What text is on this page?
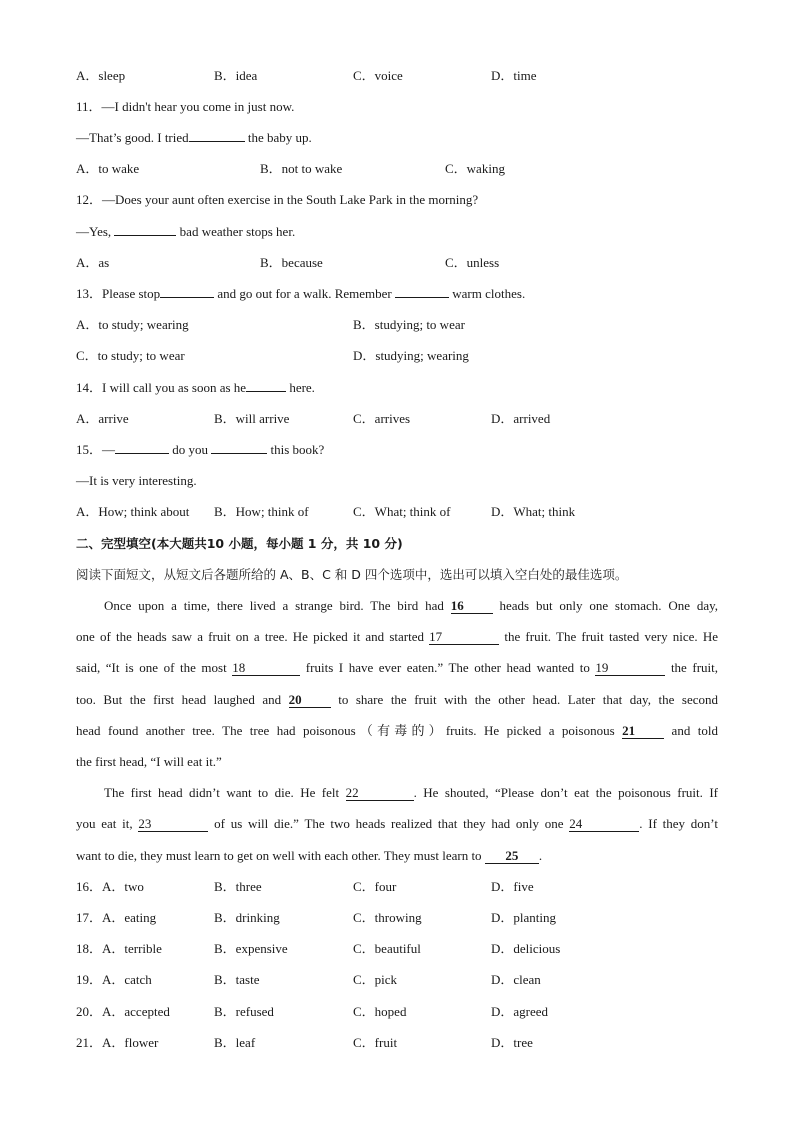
A．sleep	B．idea	C．voice	D．time
11．—I didn't hear you come in just now.
—That’s good. I tried	the baby up.
A．to wake	B．not to wake	C．waking
12．—Does your aunt often exercise in the South Lake Park in the morning?
—Yes,	bad weather stops her.
A．as	B．because	C．unless
13．Please stop	and go out for a walk. Remember	warm clothes.
A．to study; wearing	B．studying; to wear
C．to study; to wear	D．studying; wearing
14．I will call you as soon as he	here.
A．arrive	B．will arrive	C．arrives	D．arrived
15．—	do you	this book?
—It is very interesting.
A．How; think about B．How; think of	C．What; think of	D．What; think
二、完型填空(本大题共10 小题，每小题 1 分，共 10 分)
阅读下面短文，从短文后各题所给的 A、B、C 和 D 四个选项中，选出可以填入空白处的最佳选项。
Once upon a time, there lived a strange bird. The bird had 16 heads but only one stomach. One day,
one of the heads saw a fruit on a tree. He picked it and started 17	the fruit. The fruit tasted very nice. He
said, “It is one of the most 18	fruits I have ever eaten.” The other head wanted to 19	the fruit,
too. But the first head laughed and 20 to share the fruit with the other head. Later that day, the second
head found another tree. The tree had poisonous（有毒的）fruits. He picked a poisonous 21 and told
the first head, “I will eat it.”
The first head didn’t want to die. He felt 22	. He shouted, “Please don’t eat the poisonous fruit. If
you eat it, 23	of us will die.” The two heads realized that they had only one 24	. If they don’t
want to die, they must learn to get on well with each other. They must learn to 25 .
16．A．two	B．three	C．four	D．five
17．A．eating	B．drinking	C．throwing	D．planting
18．A．terrible	B．expensive	C．beautiful	D．delicious
19．A．catch	B．taste	C．pick	D．clean
20．A．accepted	B．refused	C．hoped	D．agreed
21．A．flower	B．leaf	C．fruit	D．tree
